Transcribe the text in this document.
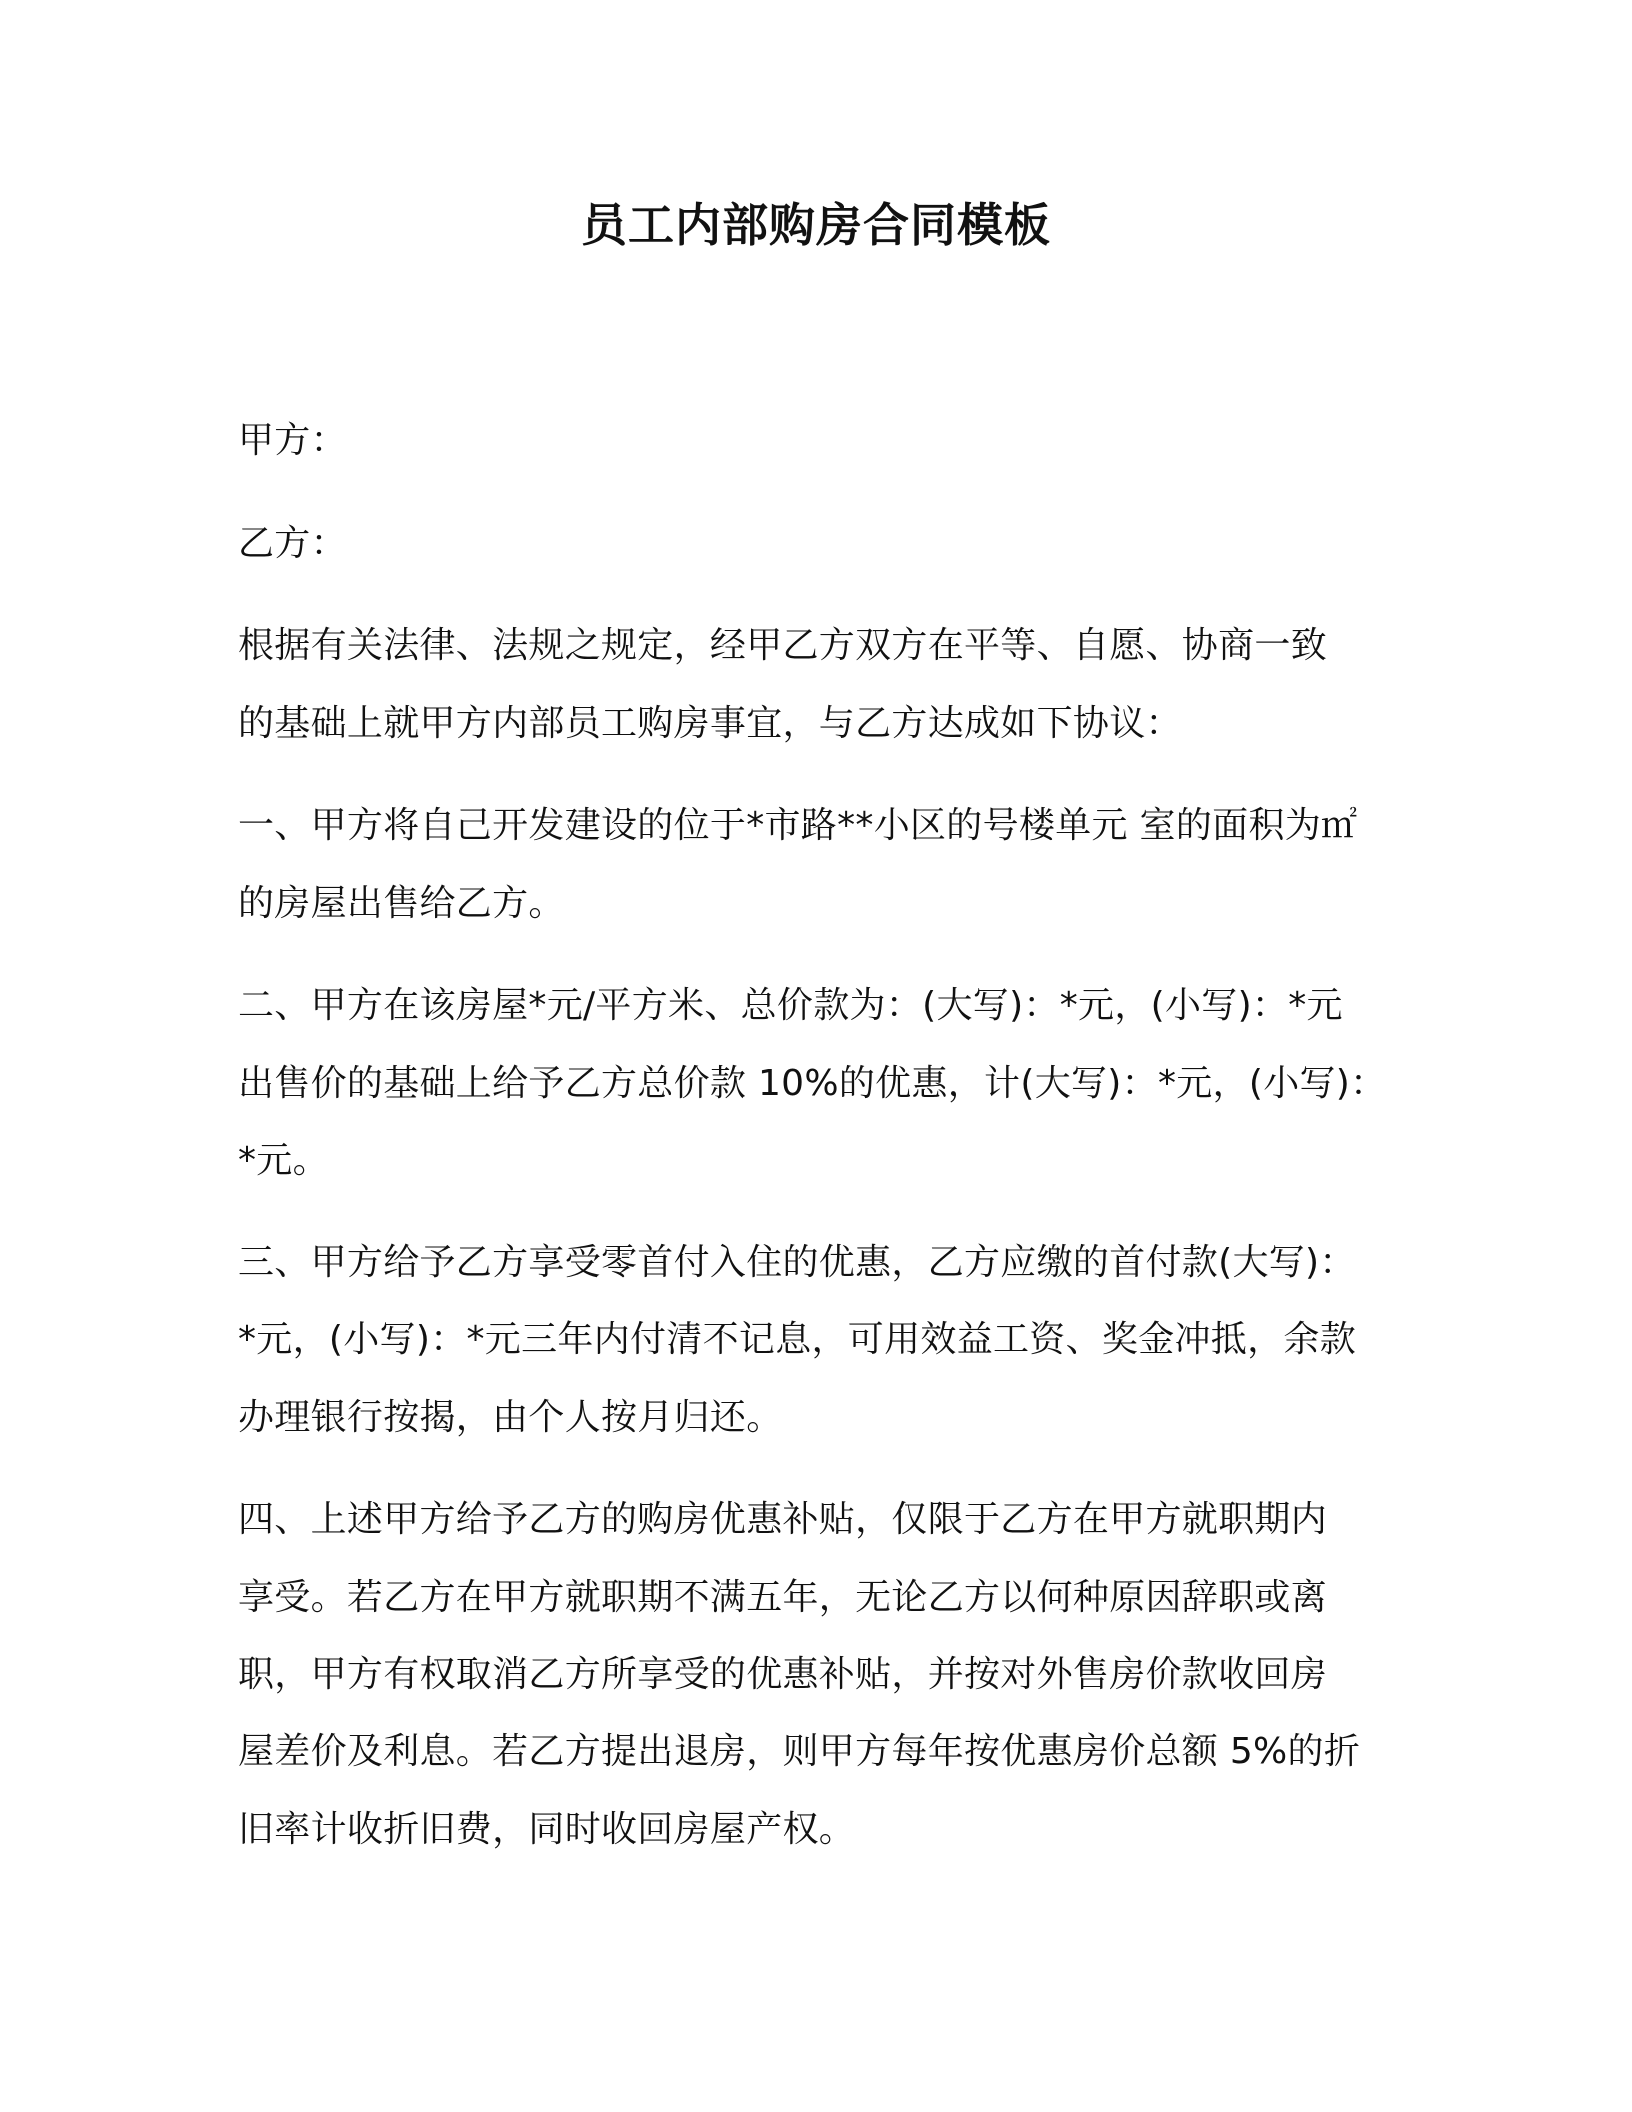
员工内部购房合同模板
甲方：
乙方：
根据有关法律、法规之规定，经甲乙方双方在平等、自愿、协商一致
的基础上就甲方内部员工购房事宜，与乙方达成如下协议：
一、甲方将自己开发建设的位于*市路**小区的号楼单元 室的面积为㎡
的房屋出售给乙方。
二、甲方在该房屋*元/平方米、总价款为：(大写)：*元，(小写)：*元
出售价的基础上给予乙方总价款 10%的优惠，计(大写)：*元，(小写)：
*元。
三、甲方给予乙方享受零首付入住的优惠，乙方应缴的首付款(大写)：
*元，(小写)：*元三年内付清不记息，可用效益工资、奖金冲抵，余款
办理银行按揭，由个人按月归还。
四、上述甲方给予乙方的购房优惠补贴，仅限于乙方在甲方就职期内
享受。若乙方在甲方就职期不满五年，无论乙方以何种原因辞职或离
职，甲方有权取消乙方所享受的优惠补贴，并按对外售房价款收回房
屋差价及利息。若乙方提出退房，则甲方每年按优惠房价总额 5%的折
旧率计收折旧费，同时收回房屋产权。
